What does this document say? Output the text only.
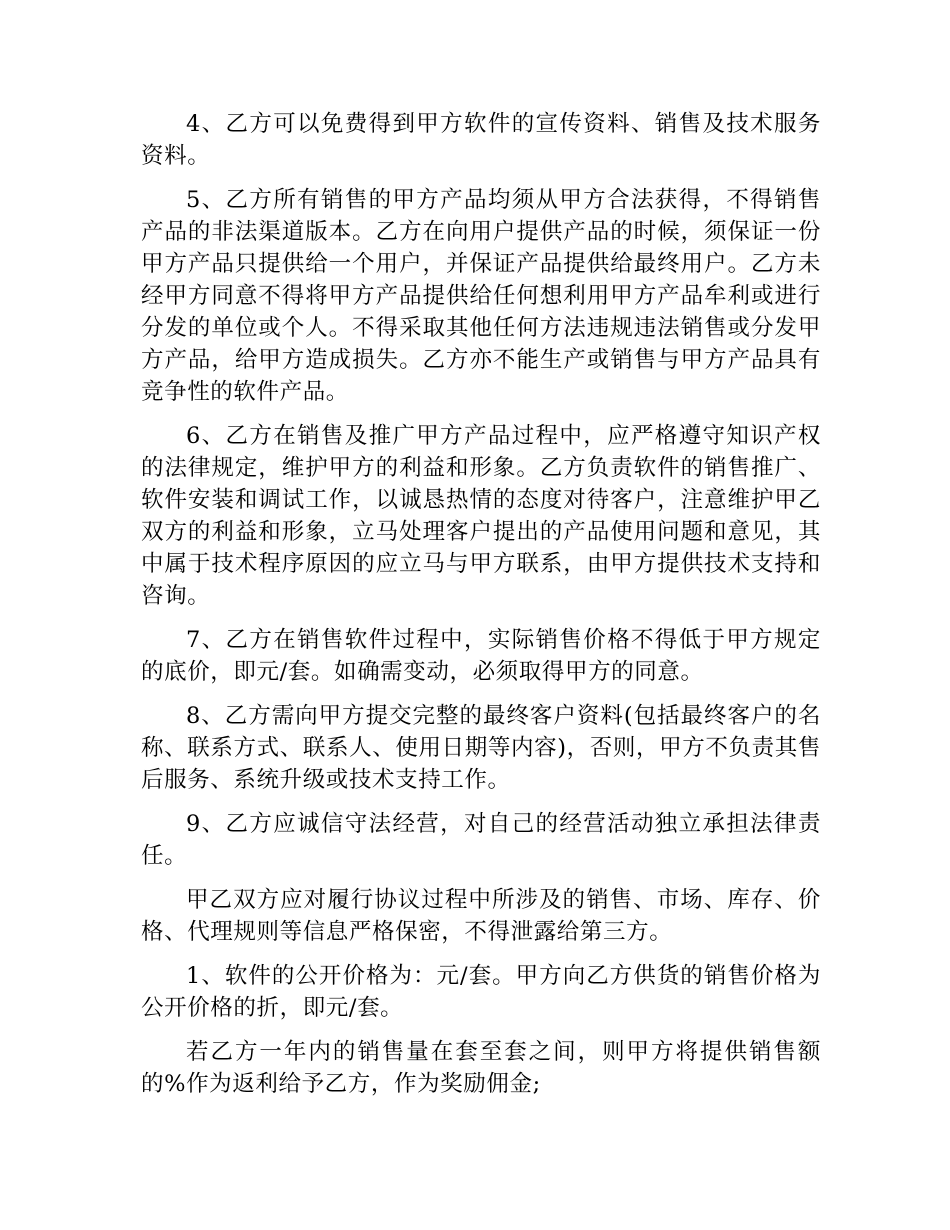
4、乙方可以免费得到甲方软件的宣传资料、销售及技术服务资料。

5、乙方所有销售的甲方产品均须从甲方合法获得，不得销售产品的非法渠道版本。乙方在向用户提供产品的时候，须保证一份甲方产品只提供给一个用户，并保证产品提供给最终用户。乙方未经甲方同意不得将甲方产品提供给任何想利用甲方产品牟利或进行分发的单位或个人。不得采取其他任何方法违规违法销售或分发甲方产品，给甲方造成损失。乙方亦不能生产或销售与甲方产品具有竞争性的软件产品。

6、乙方在销售及推广甲方产品过程中，应严格遵守知识产权的法律规定，维护甲方的利益和形象。乙方负责软件的销售推广、软件安装和调试工作，以诚恳热情的态度对待客户，注意维护甲乙双方的利益和形象，立马处理客户提出的产品使用问题和意见，其中属于技术程序原因的应立马与甲方联系，由甲方提供技术支持和咨询。

7、乙方在销售软件过程中，实际销售价格不得低于甲方规定的底价，即元/套。如确需变动，必须取得甲方的同意。

8、乙方需向甲方提交完整的最终客户资料(包括最终客户的名称、联系方式、联系人、使用日期等内容)，否则，甲方不负责其售后服务、系统升级或技术支持工作。

9、乙方应诚信守法经营，对自己的经营活动独立承担法律责任。

甲乙双方应对履行协议过程中所涉及的销售、市场、库存、价格、代理规则等信息严格保密，不得泄露给第三方。

1、软件的公开价格为：元/套。甲方向乙方供货的销售价格为公开价格的折，即元/套。

若乙方一年内的销售量在套至套之间，则甲方将提供销售额的%作为返利给予乙方，作为奖励佣金;
